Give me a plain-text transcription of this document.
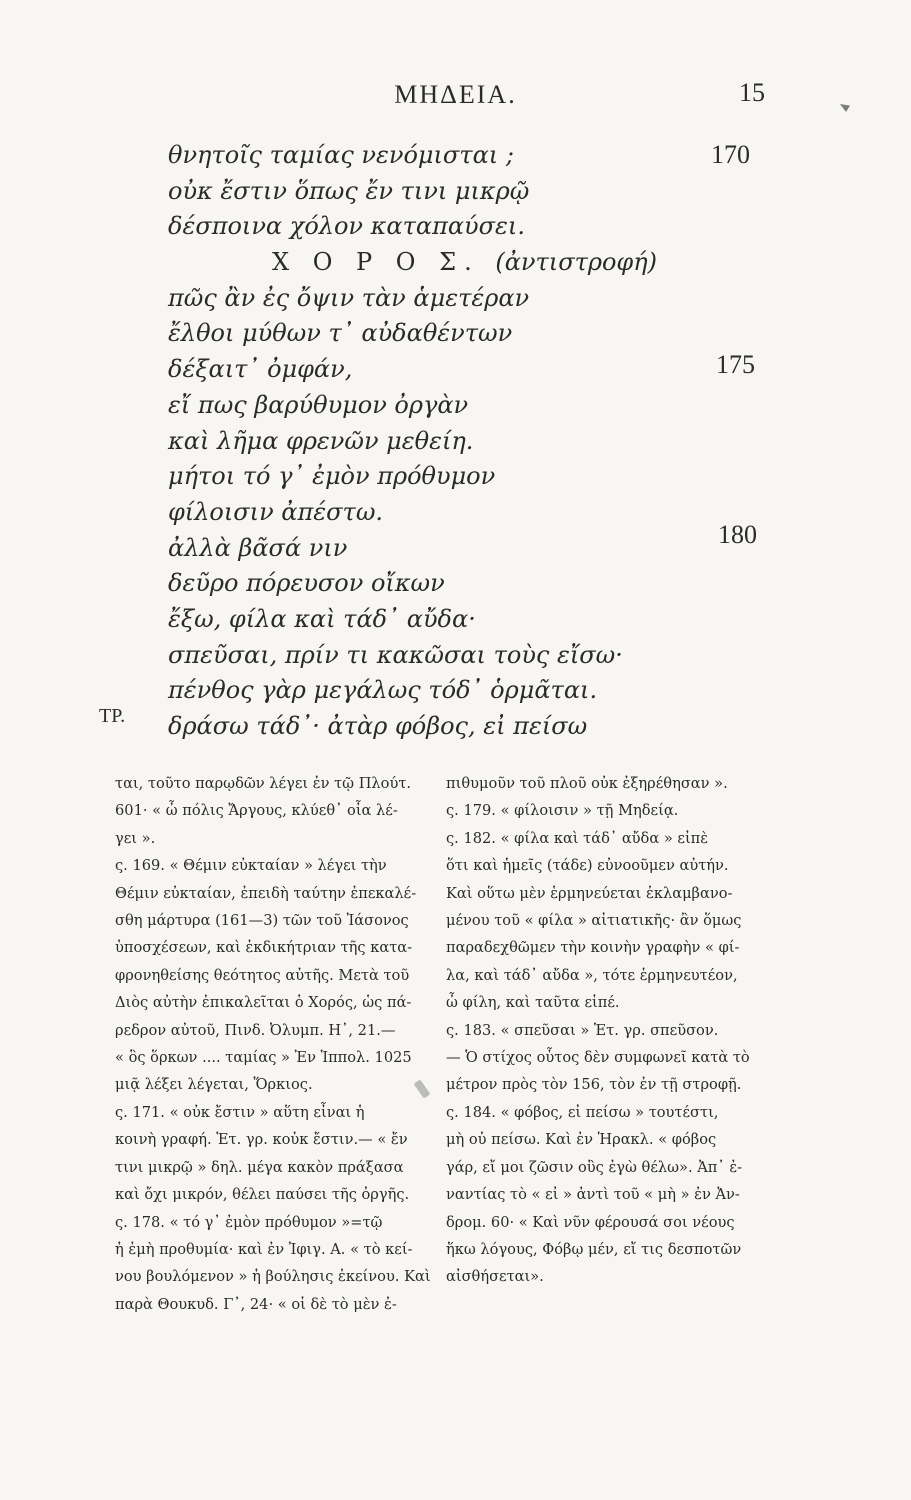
ΜΗΔΕΙΑ.	15
θνητοῖς ταμίας νενόμισται ;
οὐκ ἔστιν ὅπως ἔν τινι μικρῷ
δέσποινα χόλον καταπαύσει.
Χ Ο Ρ Ο Σ. (ἀντιστροφή)
πῶς ἂν ἐς ὄψιν τὰν ἁμετέραν
ἔλθοι μύθων τ᾽ αὐδαθέντων
δέξαιτ᾽ ὀμφάν,
εἴ πως βαρύθυμον ὀργὰν
καὶ λῆμα φρενῶν μεθείη.
μήτοι τό γ᾽ ἐμὸν πρόθυμον
φίλοισιν ἀπέστω.
ἀλλὰ βᾶσά νιν
δεῦρο πόρευσον οἴκων
ἔξω, φίλα καὶ τάδ᾽ αὔδα·
σπεῦσαι, πρίν τι κακῶσαι τοὺς εἴσω·
πένθος γὰρ μεγάλως τόδ᾽ ὁρμᾶται.
δράσω τάδ᾽· ἀτὰρ φόβος, εἰ πείσω
ΤΡ.
170
175
180

ται, τοῦτο παρῳδῶν λέγει ἐν τῷ Πλούτ.

601· « ὦ πόλις Ἄργους, κλύεθ᾽ οἷα λέ-

γει ».

ς. 169. « Θέμιν εὐκταίαν » λέγει τὴν

Θέμιν εὐκταίαν, ἐπειδὴ ταύτην ἐπεκαλέ-

σθη μάρτυρα (161—3) τῶν τοῦ Ἰάσονος

ὑποσχέσεων, καὶ ἐκδικήτριαν τῆς κατα-

φρονηθείσης θεότητος αὐτῆς. Μετὰ τοῦ

Διὸς αὐτὴν ἐπικαλεῖται ὁ Χορός, ὡς πά-

ρεδρον αὐτοῦ, Πινδ. Ὀλυμπ. Η᾽, 21.—

« ὃς ὅρκων .... ταμίας » Ἐν Ἱππολ. 1025

μιᾷ λέξει λέγεται, Ὅρκιος.

ς. 171. « οὐκ ἔστιν » αὕτη εἶναι ἡ

κοινὴ γραφή. Ἑτ. γρ. κοὐκ ἔστιν.— « ἔν

τινι μικρῷ » δηλ. μέγα κακὸν πράξασα

καὶ ὄχι μικρόν, θέλει παύσει τῆς ὀργῆς.

ς. 178. « τό γ᾽ ἐμὸν πρόθυμον »=τῷ

ἡ ἐμὴ προθυμία· καὶ ἐν Ἰφιγ. Α. « τὸ κεί-

νου βουλόμενον » ἡ βούλησις ἐκείνου. Καὶ

παρὰ Θουκυδ. Γ᾽, 24· « οἱ δὲ τὸ μὲν ἐ-

πιθυμοῦν τοῦ πλοῦ οὐκ ἐξηρέθησαν ».

ς. 179. « φίλοισιν » τῇ Μηδείᾳ.

ς. 182. « φίλα καὶ τάδ᾽ αὔδα » εἰπὲ

ὅτι καὶ ἡμεῖς (τάδε) εὐνοοῦμεν αὐτήν.

Καὶ οὕτω μὲν ἑρμηνεύεται ἐκλαμβανο-

μένου τοῦ « φίλα » αἰτιατικῆς· ἂν ὅμως

παραδεχθῶμεν τὴν κοινὴν γραφὴν « φί-

λα, καὶ τάδ᾽ αὔδα », τότε ἑρμηνευτέον,

ὦ φίλη, καὶ ταῦτα εἰπέ.

ς. 183. « σπεῦσαι » Ἑτ. γρ. σπεῦσον.

— Ὁ στίχος οὗτος δὲν συμφωνεῖ κατὰ τὸ

μέτρον πρὸς τὸν 156, τὸν ἐν τῇ στροφῇ.

ς. 184. « φόβος, εἰ πείσω » τουτέστι,

μὴ οὐ πείσω. Καὶ ἐν Ἡρακλ. « φόβος

γάρ, εἴ μοι ζῶσιν οὓς ἐγὼ θέλω». Ἀπ᾽ ἐ-

ναντίας τὸ « εἰ » ἀντὶ τοῦ « μὴ » ἐν Ἀν-

δρομ. 60· « Καὶ νῦν φέρουσά σοι νέους

ἥκω λόγους, Φόβῳ μέν, εἴ τις δεσποτῶν

αἰσθήσεται».
